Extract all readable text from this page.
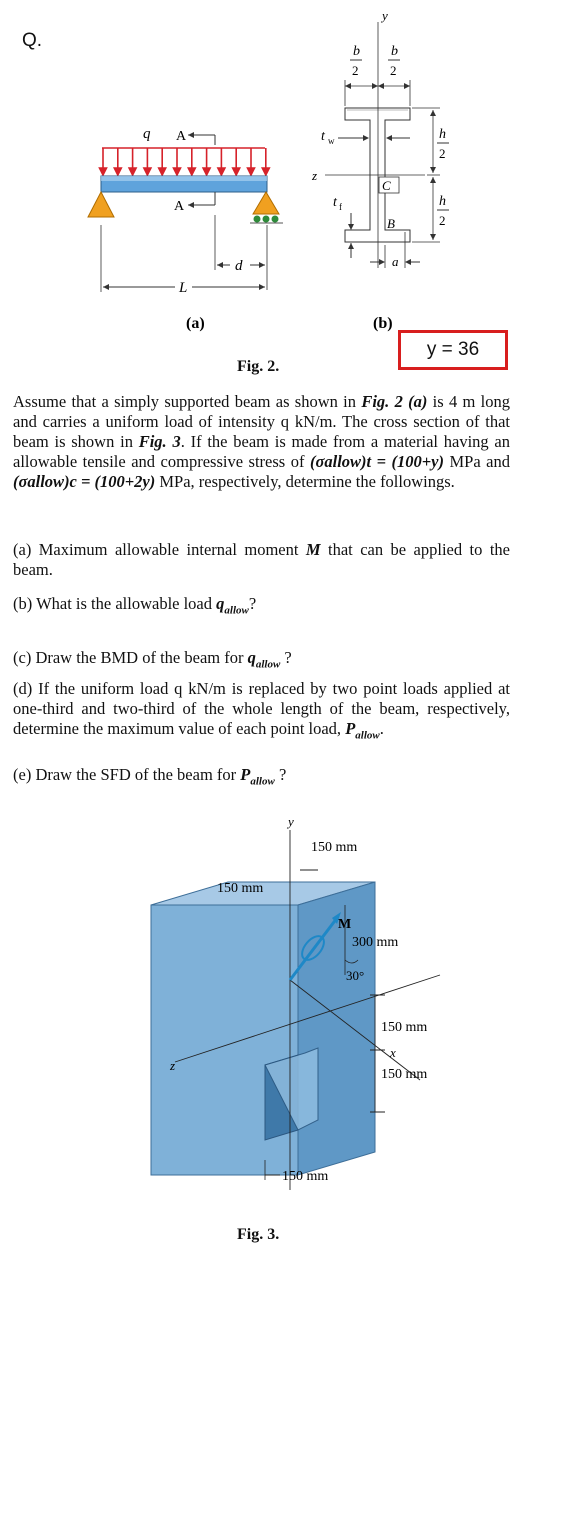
Q.
q A
A
d
L
(a)
y
z
b
2
b
2
t w
t f
C
B
a
h
2
h
2
(b)
y = 36
Fig. 2.
Assume that a simply supported beam as shown in Fig. 2 (a) is 4 m long and carries a uniform load of intensity q kN/m. The cross section of that beam is shown in Fig. 3. If the beam is made from a material having an allowable tensile and compressive stress of (σallow)t = (100+y) MPa and (σallow)c = (100+2y) MPa, respectively, determine the followings.
(a) Maximum allowable internal moment M that can be applied to the beam.
(b) What is the allowable load $q_{allow}$?
(c) Draw the BMD of the beam for $q_{allow}$ ?
(d) If the uniform load q kN/m is replaced by two point loads applied at one-third and two-third of the whole length of the beam, respectively, determine the maximum value of each point load, $P_{allow}$.
(e) Draw the SFD of the beam for $P_{allow}$ ?
y
z
x
M
300 mm
30°
150 mm
150 mm
150 mm
150 mm
150 mm
Fig. 3.
